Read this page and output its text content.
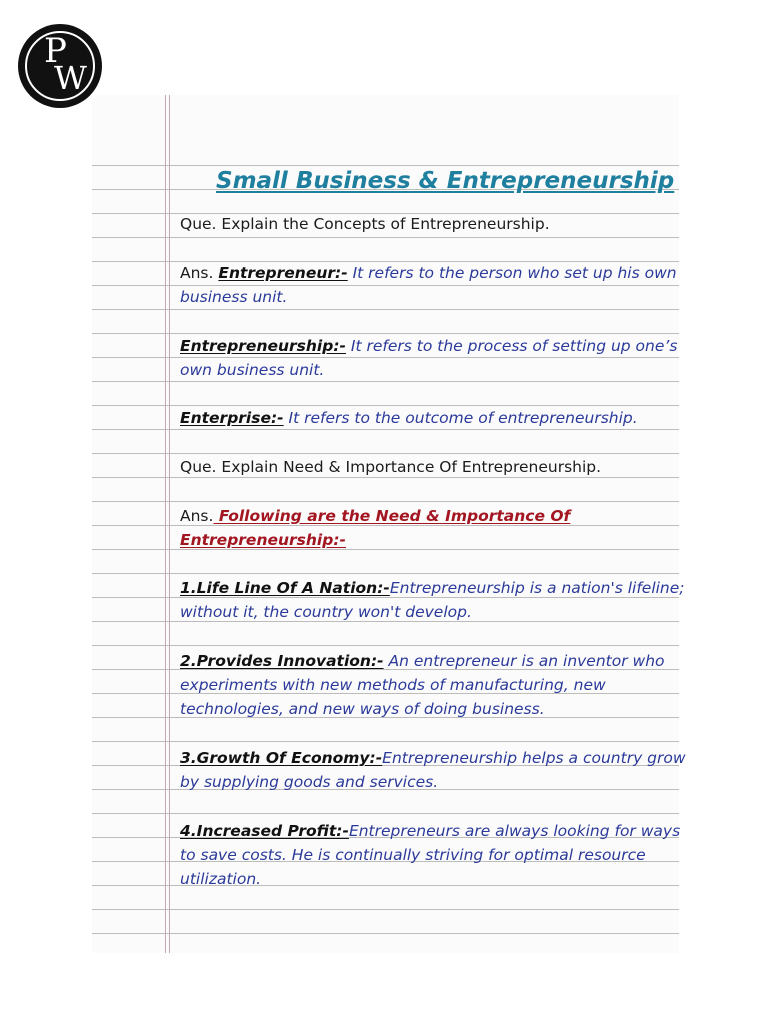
P
W
Small Business & Entrepreneurship
Que. Explain the Concepts of Entrepreneurship.
Ans. Entrepreneur:- It refers to the person who set up his own
business unit.
Entrepreneurship:- It refers to the process of setting up one’s
own business unit.
Enterprise:- It refers to the outcome of entrepreneurship.
Que. Explain Need & Importance Of Entrepreneurship.
Ans. Following are the Need & Importance Of
Entrepreneurship:-
1.Life Line Of A Nation:-Entrepreneurship is a nation's lifeline;
without it, the country won't develop.
2.Provides Innovation:- An entrepreneur is an inventor who
experiments with new methods of manufacturing, new
technologies, and new ways of doing business.
3.Growth Of Economy:-Entrepreneurship helps a country grow
by supplying goods and services.
4.Increased Profit:-Entrepreneurs are always looking for ways
to save costs. He is continually striving for optimal resource
utilization.
